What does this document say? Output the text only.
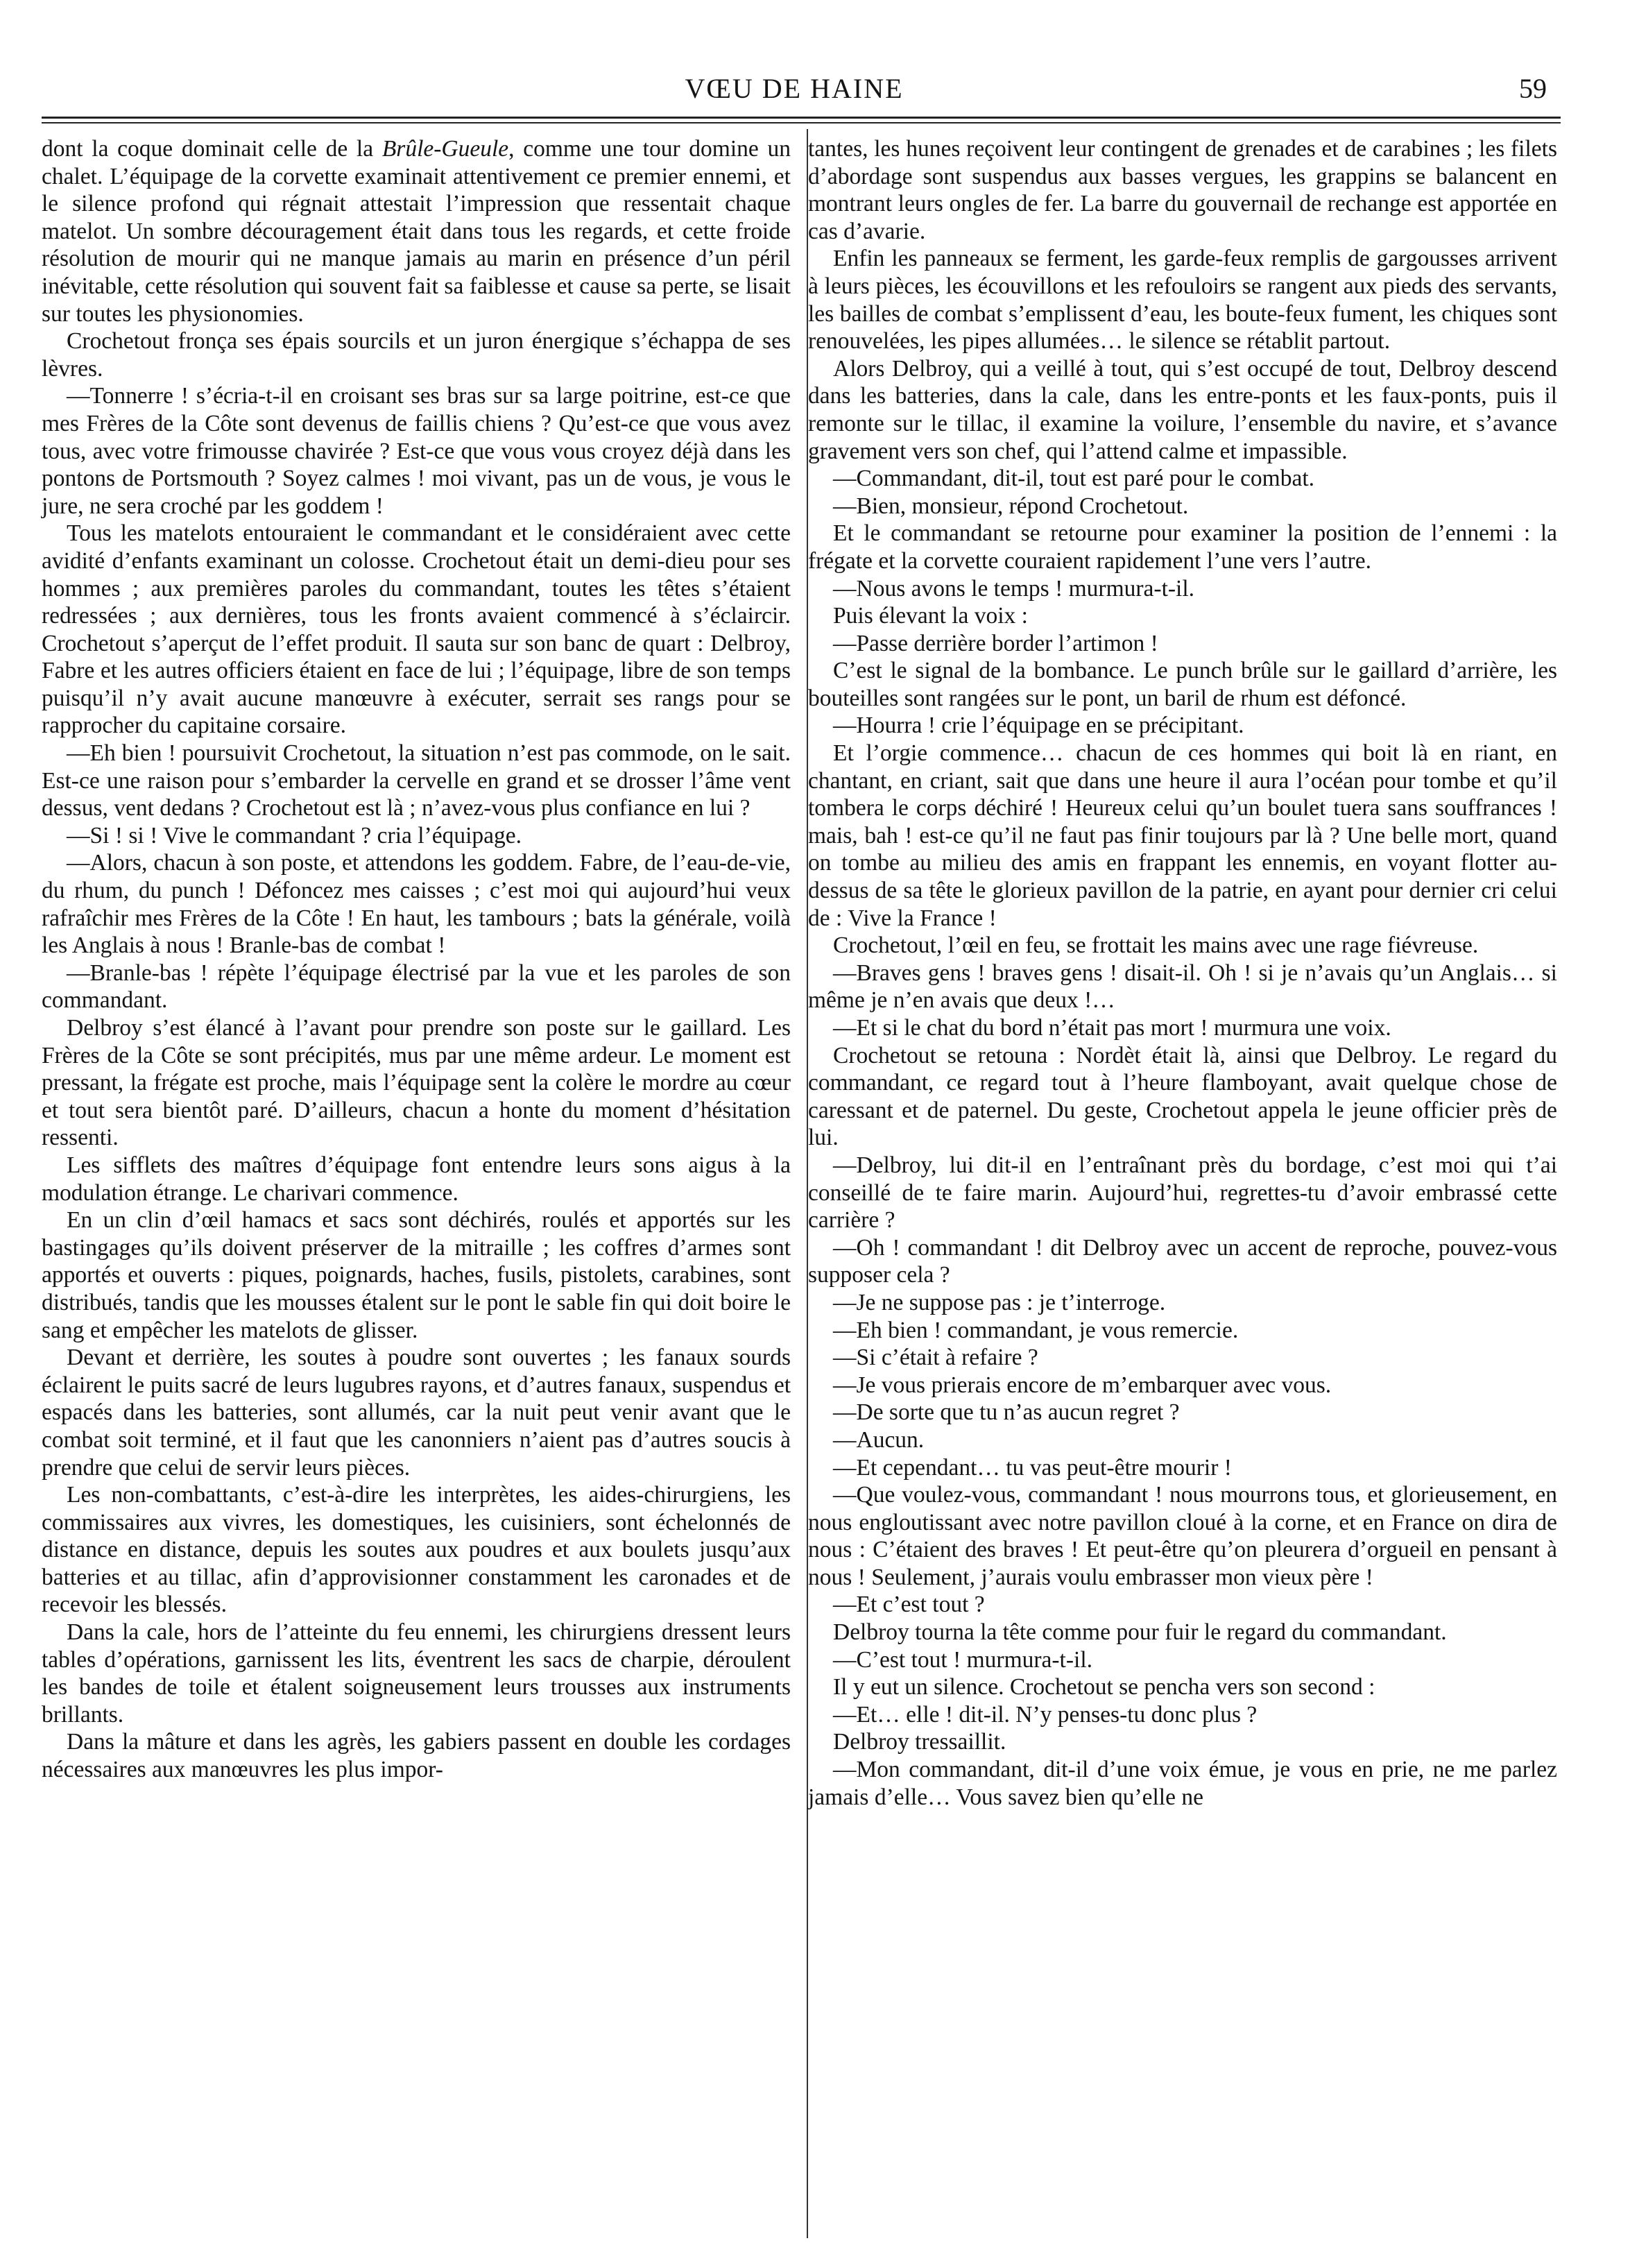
VŒU DE HAINE	59

dont la coque dominait celle de la Brûle-Gueule, comme une tour domine un chalet. L’équipage de la corvette examinait attentivement ce premier ennemi, et le silence profond qui régnait attestait l’impression que ressentait chaque matelot. Un sombre découragement était dans tous les regards, et cette froide résolution de mourir qui ne manque jamais au marin en présence d’un péril inévitable, cette résolution qui souvent fait sa faiblesse et cause sa perte, se lisait sur toutes les physionomies.

Crochetout fronça ses épais sourcils et un juron énergique s’échappa de ses lèvres.

—Tonnerre ! s’écria-t-il en croisant ses bras sur sa large poitrine, est-ce que mes Frères de la Côte sont devenus de faillis chiens ? Qu’est-ce que vous avez tous, avec votre frimousse chavirée ? Est-ce que vous vous croyez déjà dans les pontons de Portsmouth ? Soyez calmes ! moi vivant, pas un de vous, je vous le jure, ne sera croché par les goddem !

Tous les matelots entouraient le commandant et le considéraient avec cette avidité d’enfants examinant un colosse. Crochetout était un demi-dieu pour ses hommes ; aux premières paroles du commandant, toutes les têtes s’étaient redressées ; aux dernières, tous les fronts avaient commencé à s’éclaircir. Crochetout s’aperçut de l’effet produit. Il sauta sur son banc de quart : Delbroy, Fabre et les autres officiers étaient en face de lui ; l’équipage, libre de son temps puisqu’il n’y avait aucune manœuvre à exécuter, serrait ses rangs pour se rapprocher du capitaine corsaire.

—Eh bien ! poursuivit Crochetout, la situation n’est pas commode, on le sait. Est-ce une raison pour s’embarder la cervelle en grand et se drosser l’âme vent dessus, vent dedans ? Crochetout est là ; n’avez-vous plus confiance en lui ?

—Si ! si ! Vive le commandant ? cria l’équipage.

—Alors, chacun à son poste, et attendons les goddem. Fabre, de l’eau-de-vie, du rhum, du punch ! Défoncez mes caisses ; c’est moi qui aujourd’hui veux rafraîchir mes Frères de la Côte ! En haut, les tambours ; bats la générale, voilà les Anglais à nous ! Branle-bas de combat !

—Branle-bas ! répète l’équipage électrisé par la vue et les paroles de son commandant.

Delbroy s’est élancé à l’avant pour prendre son poste sur le gaillard. Les Frères de la Côte se sont précipités, mus par une même ardeur. Le moment est pressant, la frégate est proche, mais l’équipage sent la colère le mordre au cœur et tout sera bientôt paré. D’ailleurs, chacun a honte du moment d’hésitation ressenti.

Les sifflets des maîtres d’équipage font entendre leurs sons aigus à la modulation étrange. Le charivari commence.

En un clin d’œil hamacs et sacs sont déchirés, roulés et apportés sur les bastingages qu’ils doivent préserver de la mitraille ; les coffres d’armes sont apportés et ouverts : piques, poignards, haches, fusils, pistolets, carabines, sont distribués, tandis que les mousses étalent sur le pont le sable fin qui doit boire le sang et empêcher les matelots de glisser.

Devant et derrière, les soutes à poudre sont ouvertes ; les fanaux sourds éclairent le puits sacré de leurs lugubres rayons, et d’autres fanaux, suspendus et espacés dans les batteries, sont allumés, car la nuit peut venir avant que le combat soit terminé, et il faut que les canonniers n’aient pas d’autres soucis à prendre que celui de servir leurs pièces.

Les non-combattants, c’est-à-dire les interprètes, les aides-chirurgiens, les commissaires aux vivres, les domestiques, les cuisiniers, sont échelonnés de distance en distance, depuis les soutes aux poudres et aux boulets jusqu’aux batteries et au tillac, afin d’approvisionner constamment les caronades et de recevoir les blessés.

Dans la cale, hors de l’atteinte du feu ennemi, les chirurgiens dressent leurs tables d’opérations, garnissent les lits, éventrent les sacs de charpie, déroulent les bandes de toile et étalent soigneusement leurs trousses aux instruments brillants.

Dans la mâture et dans les agrès, les gabiers passent en double les cordages nécessaires aux manœuvres les plus impor-

tantes, les hunes reçoivent leur contingent de grenades et de carabines ; les filets d’abordage sont suspendus aux basses vergues, les grappins se balancent en montrant leurs ongles de fer. La barre du gouvernail de rechange est apportée en cas d’avarie.

Enfin les panneaux se ferment, les garde-feux remplis de gargousses arrivent à leurs pièces, les écouvillons et les refouloirs se rangent aux pieds des servants, les bailles de combat s’emplissent d’eau, les boute-feux fument, les chiques sont renouvelées, les pipes allumées… le silence se rétablit partout.

Alors Delbroy, qui a veillé à tout, qui s’est occupé de tout, Delbroy descend dans les batteries, dans la cale, dans les entre-ponts et les faux-ponts, puis il remonte sur le tillac, il examine la voilure, l’ensemble du navire, et s’avance gravement vers son chef, qui l’attend calme et impassible.

—Commandant, dit-il, tout est paré pour le combat.

—Bien, monsieur, répond Crochetout.

Et le commandant se retourne pour examiner la position de l’ennemi : la frégate et la corvette couraient rapidement l’une vers l’autre.

—Nous avons le temps ! murmura-t-il.

Puis élevant la voix :

—Passe derrière border l’artimon !

C’est le signal de la bombance. Le punch brûle sur le gaillard d’arrière, les bouteilles sont rangées sur le pont, un baril de rhum est défoncé.

—Hourra ! crie l’équipage en se précipitant.

Et l’orgie commence… chacun de ces hommes qui boit là en riant, en chantant, en criant, sait que dans une heure il aura l’océan pour tombe et qu’il tombera le corps déchiré ! Heureux celui qu’un boulet tuera sans souffrances ! mais, bah ! est-ce qu’il ne faut pas finir toujours par là ? Une belle mort, quand on tombe au milieu des amis en frappant les ennemis, en voyant flotter au-dessus de sa tête le glorieux pavillon de la patrie, en ayant pour dernier cri celui de : Vive la France !

Crochetout, l’œil en feu, se frottait les mains avec une rage fiévreuse.

—Braves gens ! braves gens ! disait-il. Oh ! si je n’avais qu’un Anglais… si même je n’en avais que deux !…

—Et si le chat du bord n’était pas mort ! murmura une voix.

Crochetout se retouna : Nordèt était là, ainsi que Delbroy. Le regard du commandant, ce regard tout à l’heure flamboyant, avait quelque chose de caressant et de paternel. Du geste, Crochetout appela le jeune officier près de lui.

—Delbroy, lui dit-il en l’entraînant près du bordage, c’est moi qui t’ai conseillé de te faire marin. Aujourd’hui, regrettes-tu d’avoir embrassé cette carrière ?

—Oh ! commandant ! dit Delbroy avec un accent de reproche, pouvez-vous supposer cela ?

—Je ne suppose pas : je t’interroge.

—Eh bien ! commandant, je vous remercie.

—Si c’était à refaire ?

—Je vous prierais encore de m’embarquer avec vous.

—De sorte que tu n’as aucun regret ?

—Aucun.

—Et cependant… tu vas peut-être mourir !

—Que voulez-vous, commandant ! nous mourrons tous, et glorieusement, en nous engloutissant avec notre pavillon cloué à la corne, et en France on dira de nous : C’étaient des braves ! Et peut-être qu’on pleurera d’orgueil en pensant à nous ! Seulement, j’aurais voulu embrasser mon vieux père !

—Et c’est tout ?

Delbroy tourna la tête comme pour fuir le regard du commandant.

—C’est tout ! murmura-t-il.

Il y eut un silence. Crochetout se pencha vers son second :

—Et… elle ! dit-il. N’y penses-tu donc plus ?

Delbroy tressaillit.

—Mon commandant, dit-il d’une voix émue, je vous en prie, ne me parlez jamais d’elle… Vous savez bien qu’elle ne
